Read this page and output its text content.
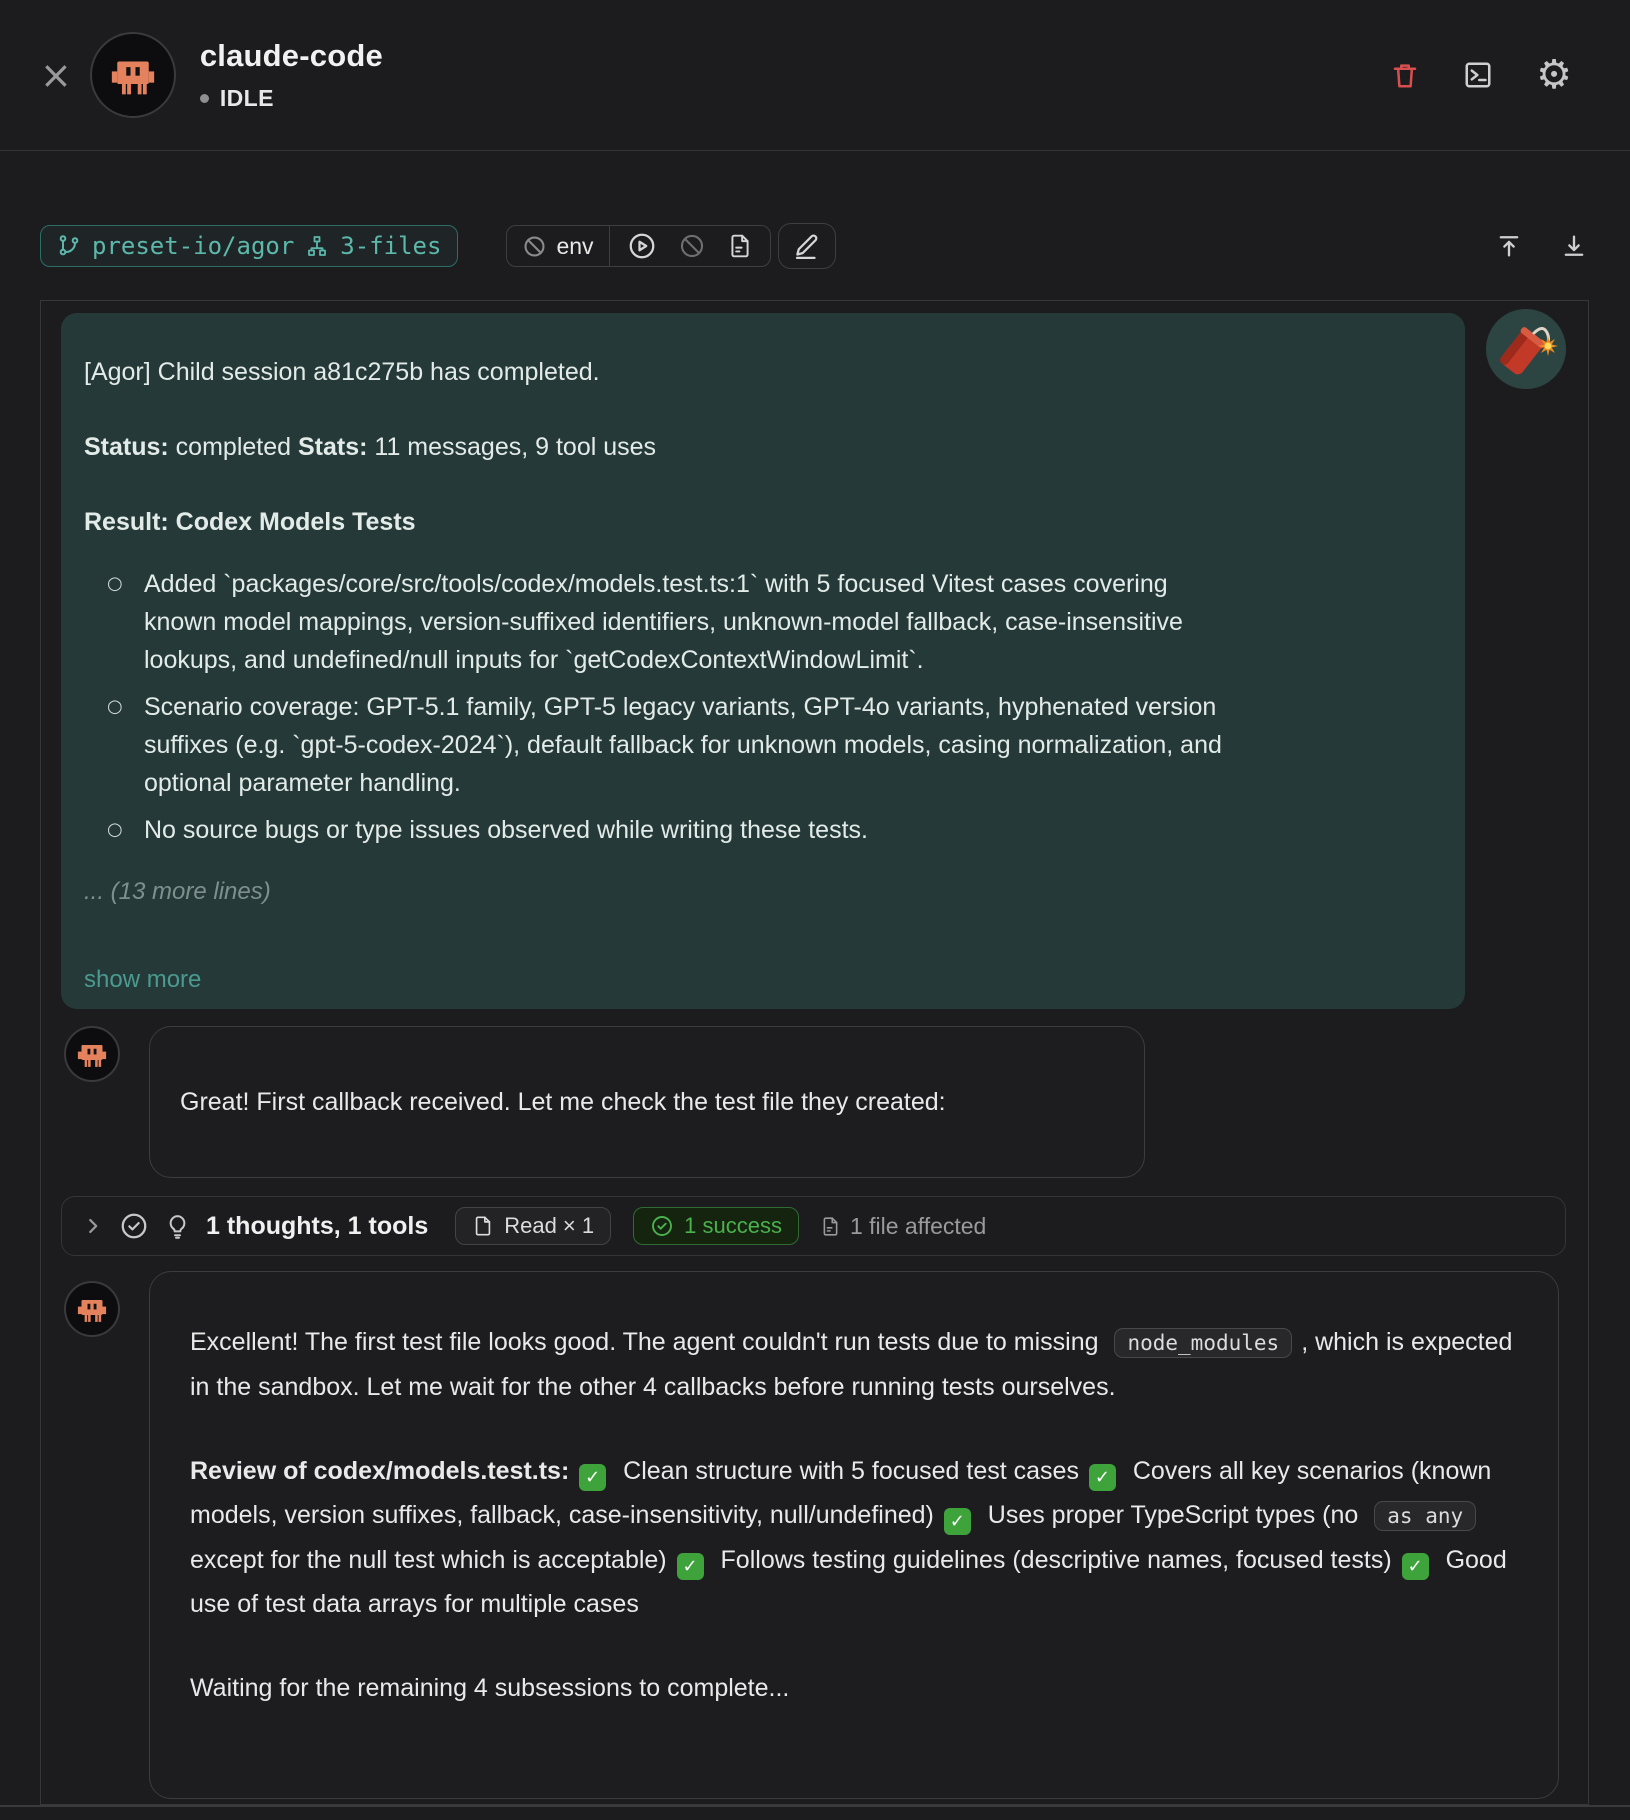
×	claude-code
IDLE	⚙
preset-io/agor 3-files	env

[Agor] Child session a81c275b has completed.

Status: completed Stats: 11 messages, 9 tool uses

Result: Codex Models Tests

○ Added `packages/core/src/tools/codex/models.test.ts:1` with 5 focused Vitest cases covering known model mappings, version-suffixed identifiers, unknown-model fallback, case-insensitive lookups, and undefined/null inputs for `getCodexContextWindowLimit`.
○ Scenario coverage: GPT-5.1 family, GPT-5 legacy variants, GPT-4o variants, hyphenated version suffixes (e.g. `gpt-5-codex-2024`), default fallback for unknown models, casing normalization, and optional parameter handling.
○ No source bugs or type issues observed while writing these tests.
... (13 more lines)

show more
Great! First callback received. Let me check the test file they created:
1 thoughts, 1 tools	Read × 1	1 success	1 file affected

Excellent! The first test file looks good. The agent couldn't run tests due to missing node_modules , which is expected in the sandbox. Let me wait for the other 4 callbacks before running tests ourselves.

Review of codex/models.test.ts: ✓ Clean structure with 5 focused test cases ✓ Covers all key scenarios (known models, version suffixes, fallback, case-insensitivity, null/undefined) ✓ Uses proper TypeScript types (no as any except for the null test which is acceptable) ✓ Follows testing guidelines (descriptive names, focused tests) ✓ Good use of test data arrays for multiple cases

Waiting for the remaining 4 subsessions to complete...
